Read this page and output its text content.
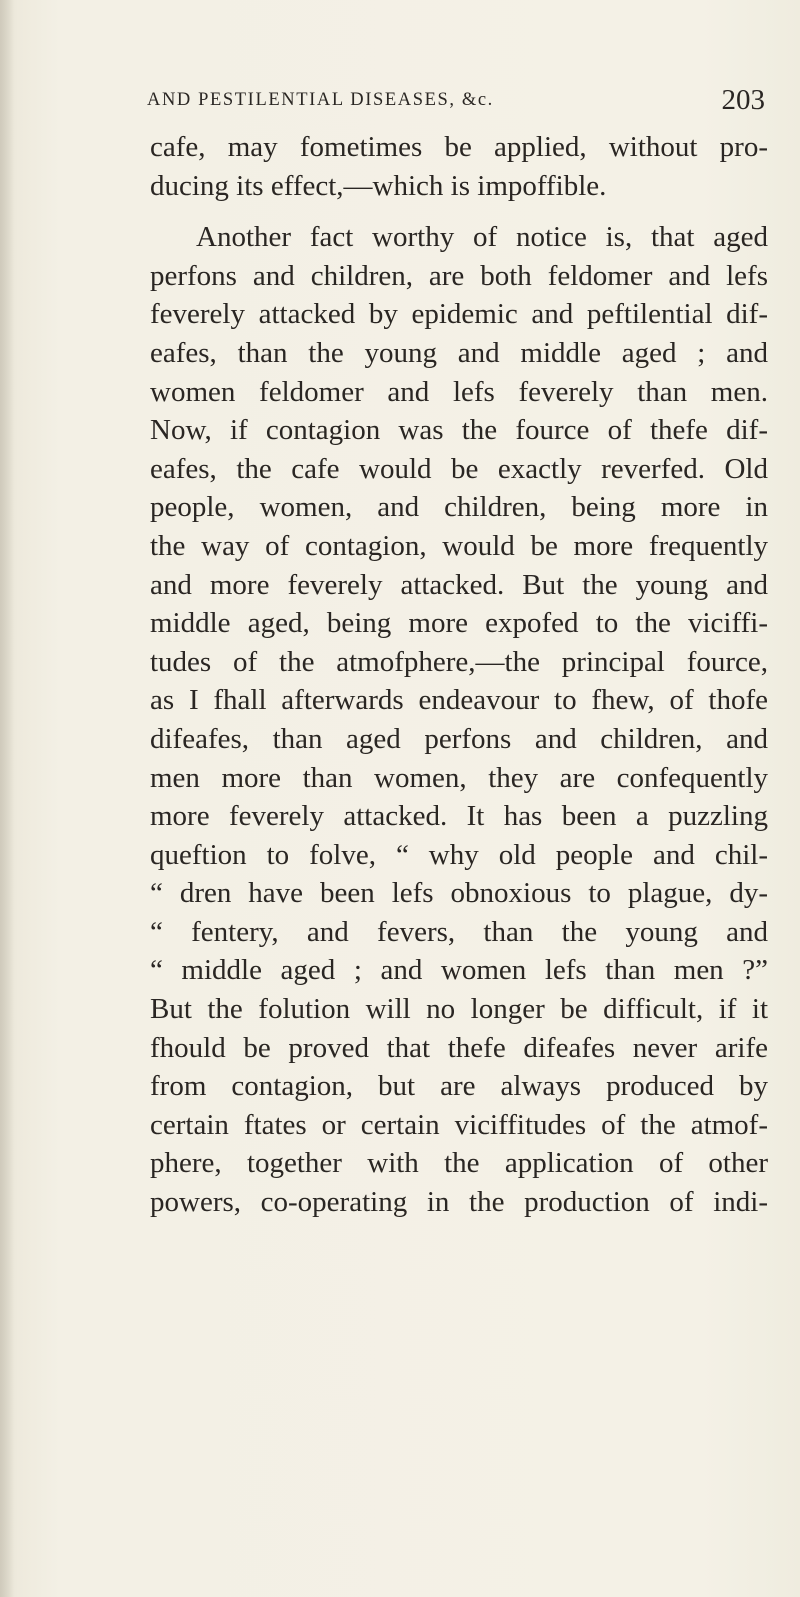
AND PESTILENTIAL DISEASES, &c.	203
cafe, may fometimes be applied, without pro-
ducing its effect,—which is impoffible.
Another fact worthy of notice is, that aged
perfons and children, are both feldomer and lefs
feverely attacked by epidemic and peftilential dif-
eafes, than the young and middle aged ; and
women feldomer and lefs feverely than men.
Now, if contagion was the fource of thefe dif-
eafes, the cafe would be exactly reverfed. Old
people, women, and children, being more in
the way of contagion, would be more frequently
and more feverely attacked. But the young and
middle aged, being more expofed to the viciffi-
tudes of the atmofphere,—the principal fource,
as I fhall afterwards endeavour to fhew, of thofe
difeafes, than aged perfons and children, and
men more than women, they are confequently
more feverely attacked. It has been a puzzling
queftion to folve, “ why old people and chil-
“ dren have been lefs obnoxious to plague, dy-
“ fentery, and fevers, than the young and
“ middle aged ; and women lefs than men ?”
But the folution will no longer be difficult, if it
fhould be proved that thefe difeafes never arife
from contagion, but are always produced by
certain ftates or certain viciffitudes of the atmof-
phere, together with the application of other
powers, co-operating in the production of indi-
